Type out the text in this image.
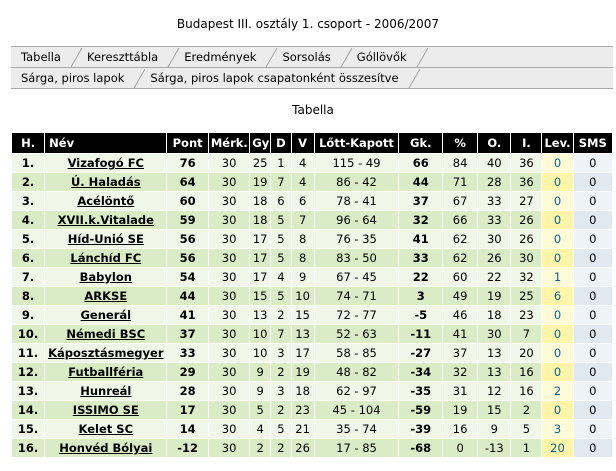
Budapest III. osztály 1. csoport - 2006/2007
Tabella	Kereszttábla	Eredmények	Sorsolás	Góllövők
Sárga, piros lapok	Sárga, piros lapok csapatonként összesítve
Tabella
H.	Név	Pont	Mérk.	Gy	D	V	Lőtt-Kapott	Gk.	%	O.	I.	Lev.	SMS
1.	Vizafogó FC	76	30	25	1	4	115 - 49	66	84	40	36	0	0
2.	Ú. Haladás	64	30	19	7	4	86 - 42	44	71	28	36	0	0
3.	Acélöntő	60	30	18	6	6	78 - 41	37	67	33	27	0	0
4.	XVII.k.Vitalade	59	30	18	5	7	96 - 64	32	66	33	26	0	0
5.	Híd-Unió SE	56	30	17	5	8	76 - 35	41	62	30	26	0	0
6.	Lánchíd FC	56	30	17	5	8	83 - 50	33	62	26	30	0	0
7.	Babylon	54	30	17	4	9	67 - 45	22	60	22	32	1	0
8.	ARKSE	44	30	15	5	10	74 - 71	3	49	19	25	6	0
9.	Generál	41	30	13	2	15	72 - 77	-5	46	18	23	0	0
10.	Némedi BSC	37	30	10	7	13	52 - 63	-11	41	30	7	0	0
11.	Káposztásmegyer	33	30	10	3	17	58 - 85	-27	37	13	20	0	0
12.	Futballféria	29	30	9	2	19	48 - 82	-34	32	13	16	0	0
13.	Hunreál	28	30	9	3	18	62 - 97	-35	31	12	16	2	0
14.	ISSIMO SE	17	30	5	2	23	45 - 104	-59	19	15	2	0	0
15.	Kelet SC	14	30	4	5	21	35 - 74	-39	16	9	5	3	0
16.	Honvéd Bólyai	-12	30	2	2	26	17 - 85	-68	0	-13	1	20	0
